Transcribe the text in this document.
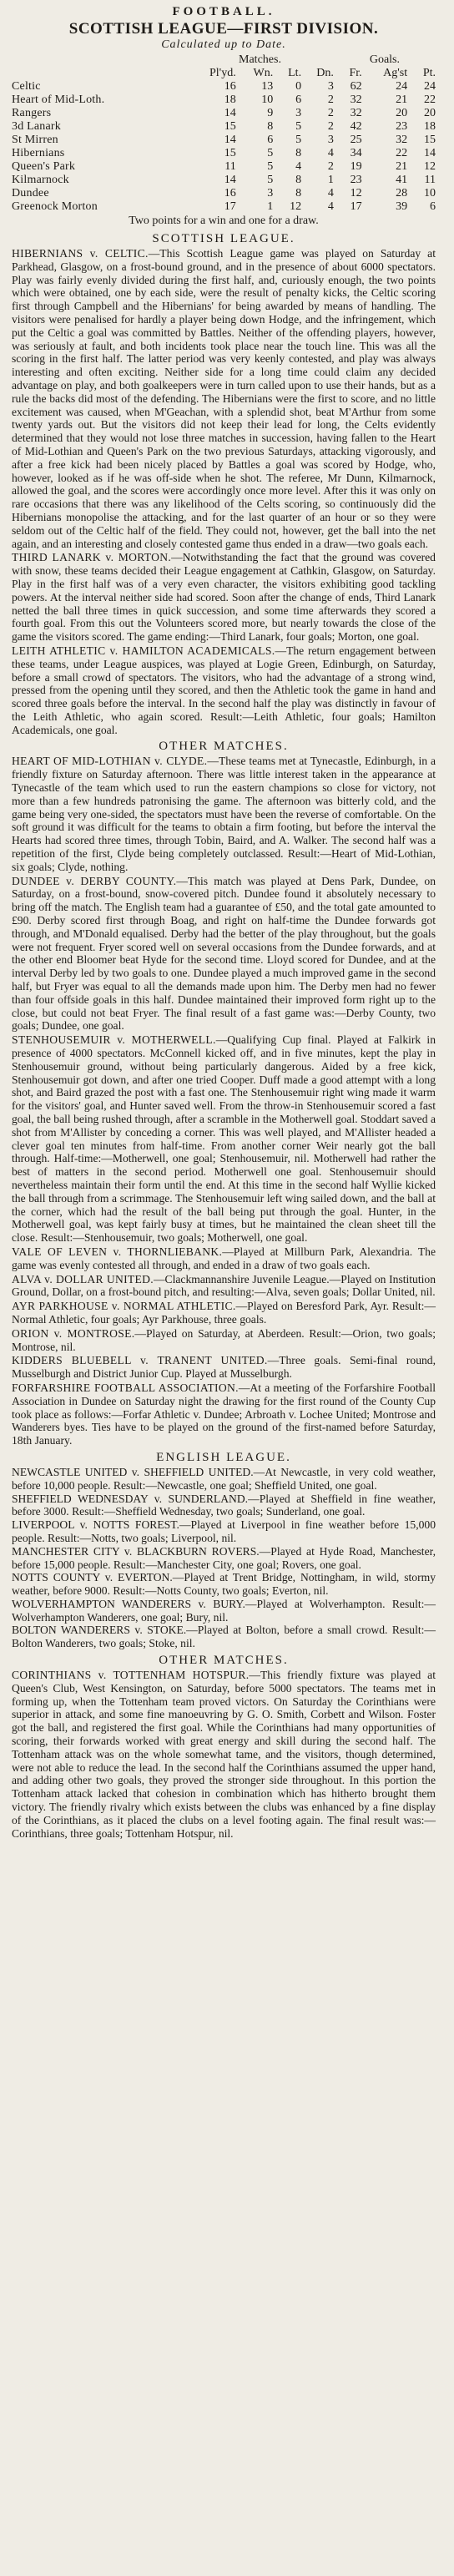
FOOTBALL.
SCOTTISH LEAGUE—FIRST DIVISION.
Calculated up to Date.
	Matches.				Goals.		
	Pl'yd.	Wn.	Lt.	Dn.	Fr.	Ag'st	Pt.
Celtic	16	13	0	3	62	24	24
Heart of Mid-Loth.	18	10	6	2	32	21	22
Rangers	14	9	3	2	32	20	20
3d Lanark	15	8	5	2	42	23	18
St Mirren	14	6	5	3	25	32	15
Hibernians	15	5	8	4	34	22	14
Queen's Park	11	5	4	2	19	21	12
Kilmarnock	14	5	8	1	23	41	11
Dundee	16	3	8	4	12	28	10
Greenock Morton	17	1	12	4	17	39	6
Two points for a win and one for a draw.
SCOTTISH LEAGUE.

HIBERNIANS v. CELTIC.—This Scottish League game was played on Saturday at Parkhead, Glasgow, on a frost-bound ground, and in the presence of about 6000 spectators. Play was fairly evenly divided during the first half, and, curiously enough, the two points which were obtained, one by each side, were the result of penalty kicks, the Celtic scoring first through Campbell and the Hibernians' for being awarded by means of handling. The visitors were penalised for hardly a player being down Hodge, and the infringement, which put the Celtic a goal was committed by Battles. Neither of the offending players, however, was seriously at fault, and both incidents took place near the touch line. This was all the scoring in the first half. The latter period was very keenly contested, and play was always interesting and often exciting. Neither side for a long time could claim any decided advantage on play, and both goalkeepers were in turn called upon to use their hands, but as a rule the backs did most of the defending. The Hibernians were the first to score, and no little excitement was caused, when M'Geachan, with a splendid shot, beat M'Arthur from some twenty yards out. But the visitors did not keep their lead for long, the Celts evidently determined that they would not lose three matches in succession, having fallen to the Heart of Mid-Lothian and Queen's Park on the two previous Saturdays, attacking vigorously, and after a free kick had been nicely placed by Battles a goal was scored by Hodge, who, however, looked as if he was off-side when he shot. The referee, Mr Dunn, Kilmarnock, allowed the goal, and the scores were accordingly once more level. After this it was only on rare occasions that there was any likelihood of the Celts scoring, so continuously did the Hibernians monopolise the attacking, and for the last quarter of an hour or so they were seldom out of the Celtic half of the field. They could not, however, get the ball into the net again, and an interesting and closely contested game thus ended in a draw—two goals each.

THIRD LANARK v. MORTON.—Notwithstanding the fact that the ground was covered with snow, these teams decided their League engagement at Cathkin, Glasgow, on Saturday. Play in the first half was of a very even character, the visitors exhibiting good tackling powers. At the interval neither side had scored. Soon after the change of ends, Third Lanark netted the ball three times in quick succession, and some time afterwards they scored a fourth goal. From this out the Volunteers scored more, but nearly towards the close of the game the visitors scored. The game ending:—Third Lanark, four goals; Morton, one goal.

LEITH ATHLETIC v. HAMILTON ACADEMICALS.—The return engagement between these teams, under League auspices, was played at Logie Green, Edinburgh, on Saturday, before a small crowd of spectators. The visitors, who had the advantage of a strong wind, pressed from the opening until they scored, and then the Athletic took the game in hand and scored three goals before the interval. In the second half the play was distinctly in favour of the Leith Athletic, who again scored. Result:—Leith Athletic, four goals; Hamilton Academicals, one goal.

OTHER MATCHES.

HEART OF MID-LOTHIAN v. CLYDE.—These teams met at Tynecastle, Edinburgh, in a friendly fixture on Saturday afternoon. There was little interest taken in the appearance at Tynecastle of the team which used to run the eastern champions so close for victory, not more than a few hundreds patronising the game. The afternoon was bitterly cold, and the game being very one-sided, the spectators must have been the reverse of comfortable. On the soft ground it was difficult for the teams to obtain a firm footing, but before the interval the Hearts had scored three times, through Tobin, Baird, and A. Walker. The second half was a repetition of the first, Clyde being completely outclassed. Result:—Heart of Mid-Lothian, six goals; Clyde, nothing.

DUNDEE v. DERBY COUNTY.—This match was played at Dens Park, Dundee, on Saturday, on a frost-bound, snow-covered pitch. Dundee found it absolutely necessary to bring off the match. The English team had a guarantee of £50, and the total gate amounted to £90. Derby scored first through Boag, and right on half-time the Dundee forwards got through, and M'Donald equalised. Derby had the better of the play throughout, but the goals were not frequent. Fryer scored well on several occasions from the Dundee forwards, and at the other end Bloomer beat Hyde for the second time. Lloyd scored for Dundee, and at the interval Derby led by two goals to one. Dundee played a much improved game in the second half, but Fryer was equal to all the demands made upon him. The Derby men had no fewer than four offside goals in this half. Dundee maintained their improved form right up to the close, but could not beat Fryer. The final result of a fast game was:—Derby County, two goals; Dundee, one goal.

STENHOUSEMUIR v. MOTHERWELL.—Qualifying Cup final. Played at Falkirk in presence of 4000 spectators. McConnell kicked off, and in five minutes, kept the play in Stenhousemuir ground, without being particularly dangerous. Aided by a free kick, Stenhousemuir got down, and after one tried Cooper. Duff made a good attempt with a long shot, and Baird grazed the post with a fast one. The Stenhousemuir right wing made it warm for the visitors' goal, and Hunter saved well. From the throw-in Stenhousemuir scored a fast goal, the ball being rushed through, after a scramble in the Motherwell goal. Stoddart saved a shot from M'Allister by conceding a corner. This was well played, and M'Allister headed a clever goal ten minutes from half-time. From another corner Weir nearly got the ball through. Half-time:—Motherwell, one goal; Stenhousemuir, nil. Motherwell had rather the best of matters in the second period. Motherwell one goal. Stenhousemuir should nevertheless maintain their form until the end. At this time in the second half Wyllie kicked the ball through from a scrimmage. The Stenhousemuir left wing sailed down, and the ball at the corner, which had the result of the ball being put through the goal. Hunter, in the Motherwell goal, was kept fairly busy at times, but he maintained the clean sheet till the close. Result:—Stenhousemuir, two goals; Motherwell, one goal.

VALE OF LEVEN v. THORNLIEBANK.—Played at Millburn Park, Alexandria. The game was evenly contested all through, and ended in a draw of two goals each.

ALVA v. DOLLAR UNITED.—Clackmannanshire Juvenile League.—Played on Institution Ground, Dollar, on a frost-bound pitch, and resulting:—Alva, seven goals; Dollar United, nil.

AYR PARKHOUSE v. NORMAL ATHLETIC.—Played on Beresford Park, Ayr. Result:—Normal Athletic, four goals; Ayr Parkhouse, three goals.

ORION v. MONTROSE.—Played on Saturday, at Aberdeen. Result:—Orion, two goals; Montrose, nil.

KIDDERS BLUEBELL v. TRANENT UNITED.—Three goals. Semi-final round, Musselburgh and District Junior Cup. Played at Musselburgh.

FORFARSHIRE FOOTBALL ASSOCIATION.—At a meeting of the Forfarshire Football Association in Dundee on Saturday night the drawing for the first round of the County Cup took place as follows:—Forfar Athletic v. Dundee; Arbroath v. Lochee United; Montrose and Wanderers byes. Ties have to be played on the ground of the first-named before Saturday, 18th January.

ENGLISH LEAGUE.

NEWCASTLE UNITED v. SHEFFIELD UNITED.—At Newcastle, in very cold weather, before 10,000 people. Result:—Newcastle, one goal; Sheffield United, one goal.

SHEFFIELD WEDNESDAY v. SUNDERLAND.—Played at Sheffield in fine weather, before 3000. Result:—Sheffield Wednesday, two goals; Sunderland, one goal.

LIVERPOOL v. NOTTS FOREST.—Played at Liverpool in fine weather before 15,000 people. Result:—Notts, two goals; Liverpool, nil.

MANCHESTER CITY v. BLACKBURN ROVERS.—Played at Hyde Road, Manchester, before 15,000 people. Result:—Manchester City, one goal; Rovers, one goal.

NOTTS COUNTY v. EVERTON.—Played at Trent Bridge, Nottingham, in wild, stormy weather, before 9000. Result:—Notts County, two goals; Everton, nil.

WOLVERHAMPTON WANDERERS v. BURY.—Played at Wolverhampton. Result:—Wolverhampton Wanderers, one goal; Bury, nil.

BOLTON WANDERERS v. STOKE.—Played at Bolton, before a small crowd. Result:—Bolton Wanderers, two goals; Stoke, nil.

OTHER MATCHES.

CORINTHIANS v. TOTTENHAM HOTSPUR.—This friendly fixture was played at Queen's Club, West Kensington, on Saturday, before 5000 spectators. The teams met in forming up, when the Tottenham team proved victors. On Saturday the Corinthians were superior in attack, and some fine manoeuvring by G. O. Smith, Corbett and Wilson. Foster got the ball, and registered the first goal. While the Corinthians had many opportunities of scoring, their forwards worked with great energy and skill during the second half. The Tottenham attack was on the whole somewhat tame, and the visitors, though determined, were not able to reduce the lead. In the second half the Corinthians assumed the upper hand, and adding other two goals, they proved the stronger side throughout. In this portion the Tottenham attack lacked that cohesion in combination which has hitherto brought them victory. The friendly rivalry which exists between the clubs was enhanced by a fine display of the Corinthians, as it placed the clubs on a level footing again. The final result was:—Corinthians, three goals; Tottenham Hotspur, nil.
